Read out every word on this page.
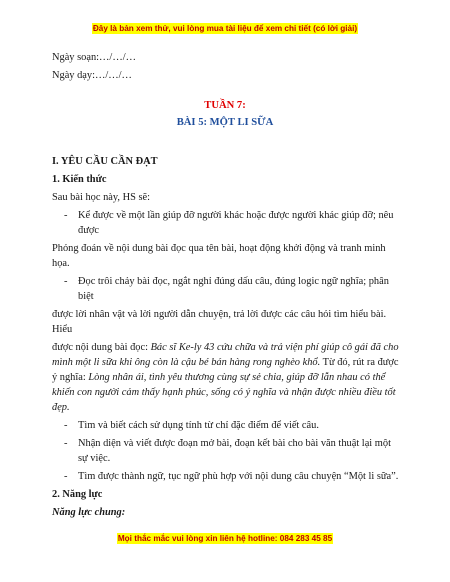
Đây là bản xem thử, vui lòng mua tài liệu để xem chi tiết (có lời giải)
Ngày soạn:…/…/…
Ngày dạy:…/…/…
TUẦN 7:
BÀI 5: MỘT LI SỮA
I. YÊU CẦU CẦN ĐẠT
1. Kiến thức
Sau bài học này, HS sẽ:
-	Kể được về một lần giúp đỡ người khác hoặc được người khác giúp đỡ; nêu
được
Phỏng đoán về nội dung bài đọc qua tên bài, hoạt động khởi động và tranh minh
họa.
-	Đọc trôi chảy bài đọc, ngắt nghỉ đúng dấu câu, đúng logic ngữ nghĩa; phân
biệt
được lời nhân vật và lời người dẫn chuyện, trả lời được các câu hỏi tìm hiểu bài.
Hiểu
được nội dung bài đọc: Bác sĩ Ke-ly 43 cứu chữa và trả viện phí giúp cô gái đã cho
mình một li sữa khi ông còn là cậu bé bán hàng rong nghèo khổ. Từ đó, rút ra được
ý nghĩa: Lòng nhân ái, tình yêu thương cùng sự sẻ chia, giúp đỡ lẫn nhau có thể
khiến con người cảm thấy hạnh phúc, sống có ý nghĩa và nhận được nhiều điều tốt
đẹp.
-	Tìm và biết cách sử dụng tính từ chỉ đặc điểm để viết câu.
-	Nhận diện và viết được đoạn mở bài, đoạn kết bài cho bài văn thuật lại một
sự việc.
-	Tìm được thành ngữ, tục ngữ phù hợp với nội dung câu chuyện “Một li sữa”.
2. Năng lực
Năng lực chung:
Mọi thắc mắc vui lòng xin liên hệ hotline: 084 283 45 85
